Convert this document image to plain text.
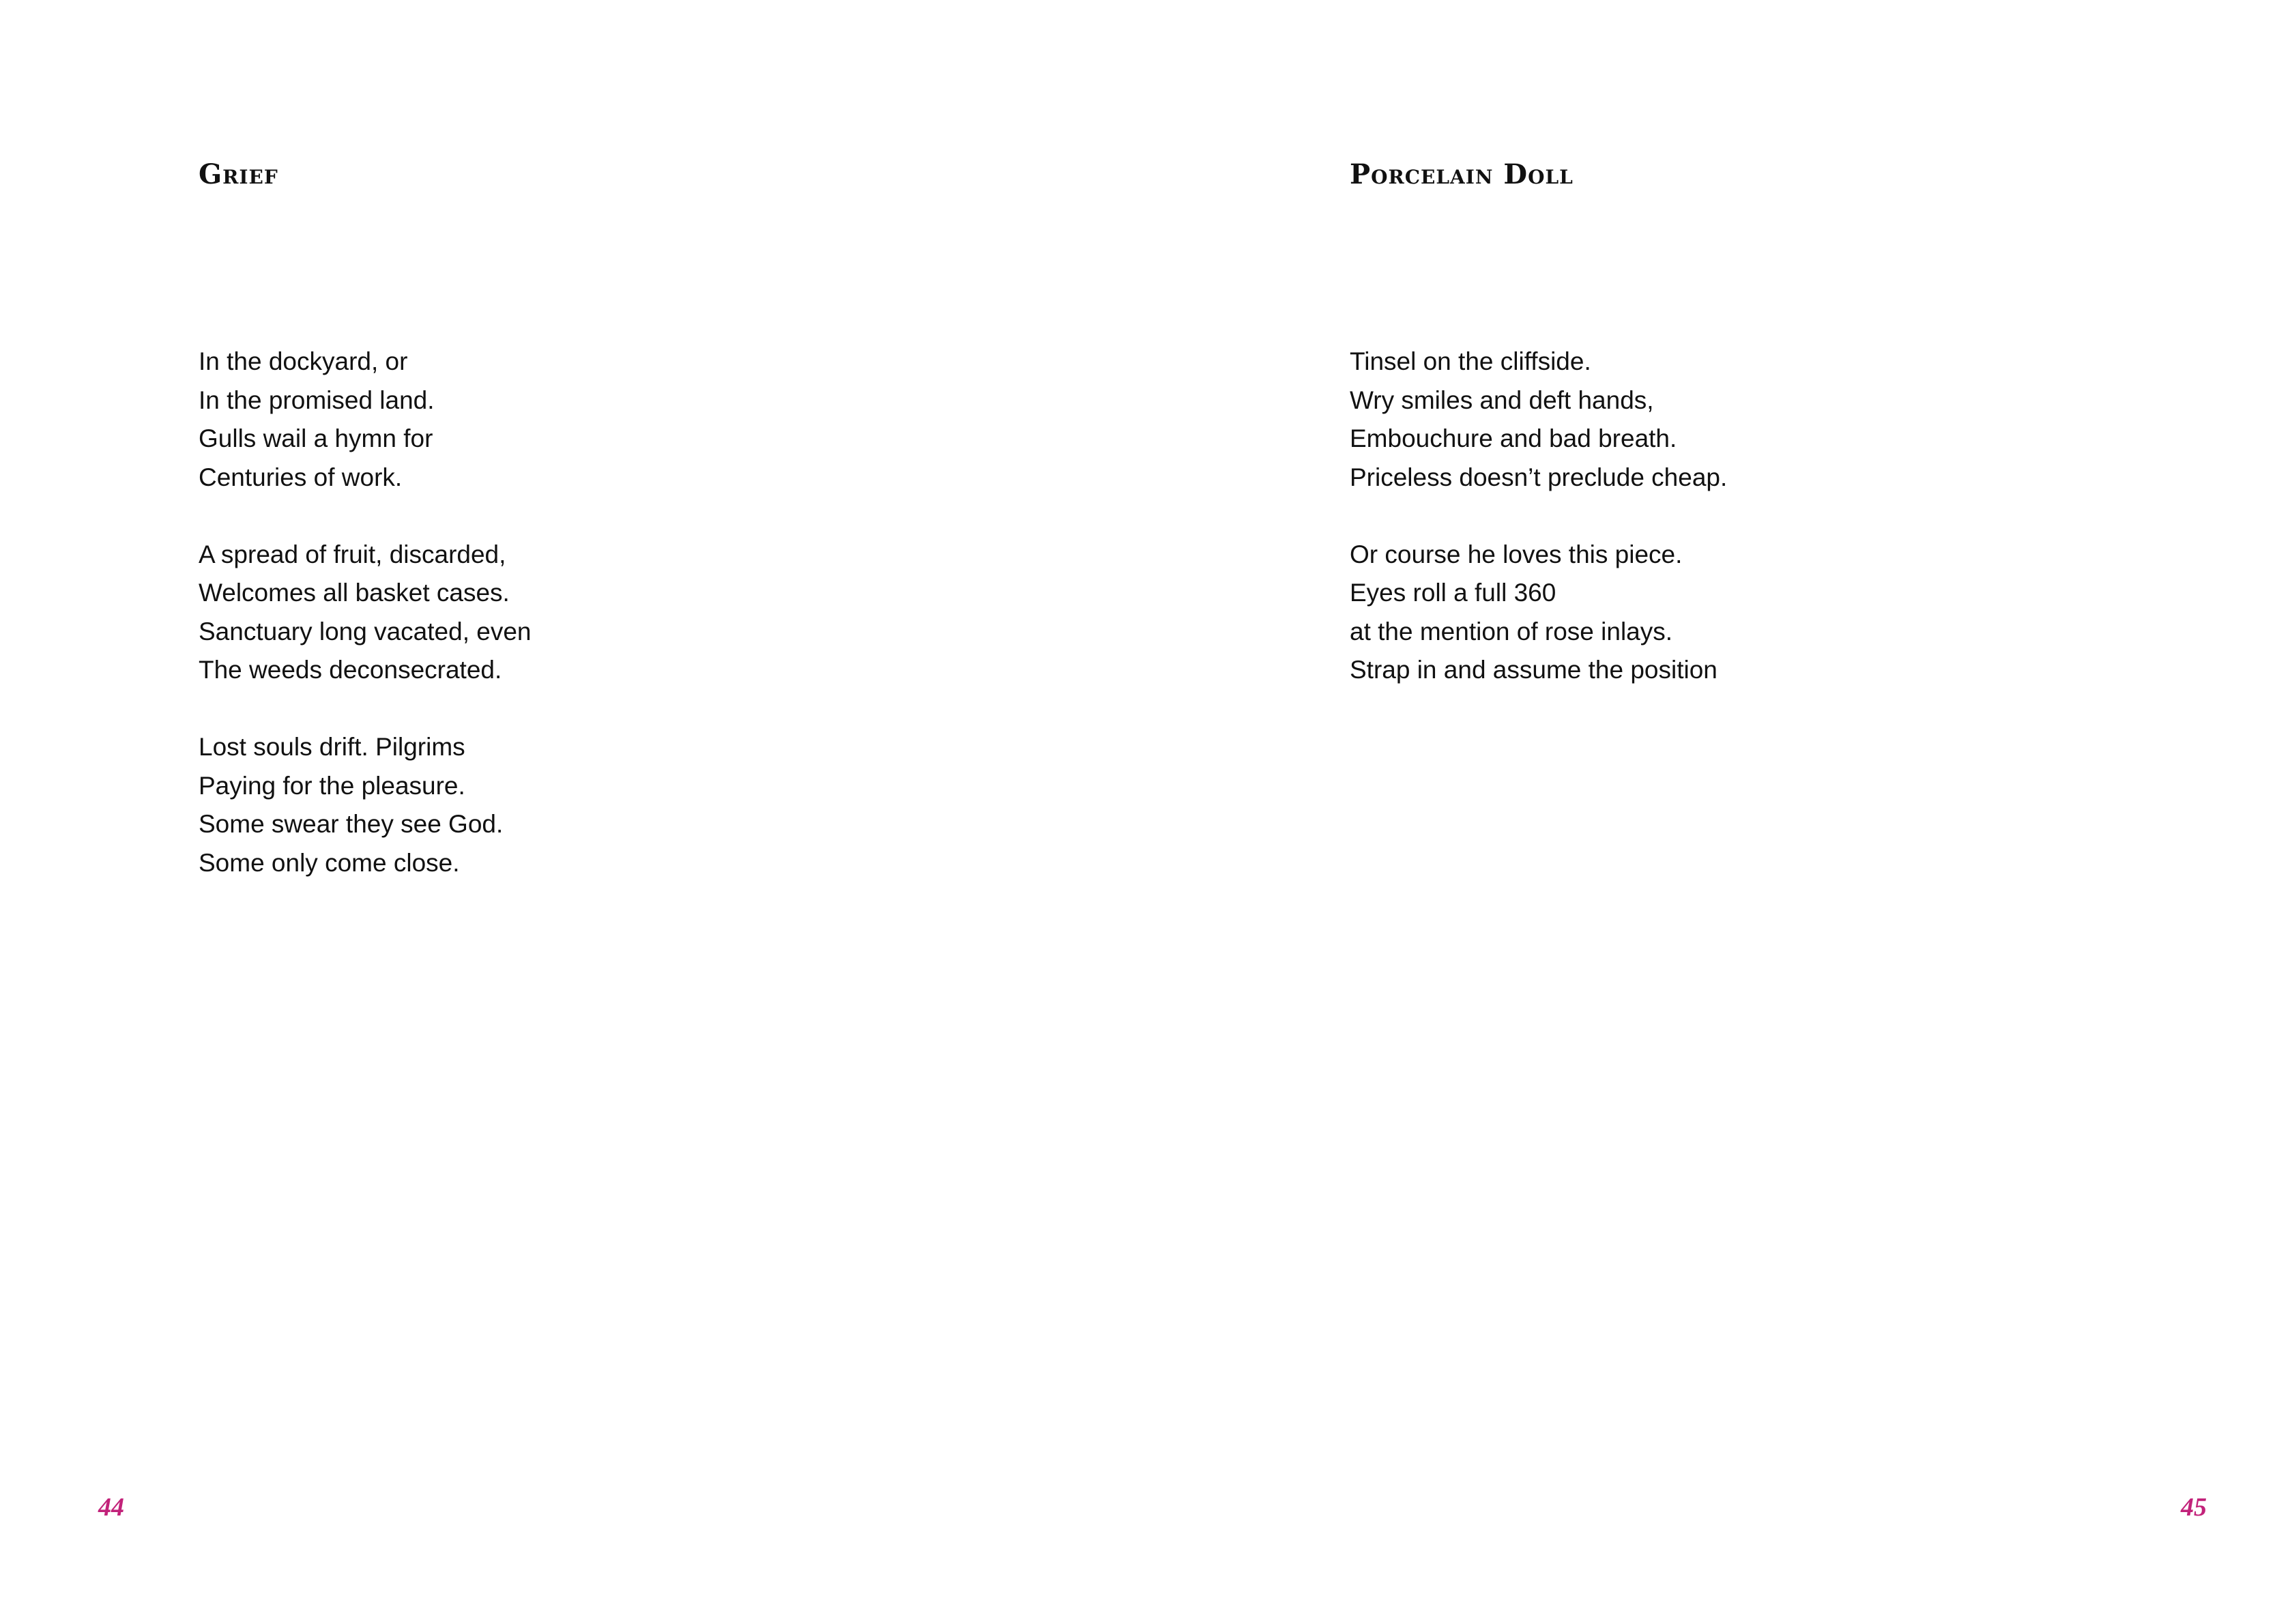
Grief

In the dockyard, or
In the promised land.
Gulls wail a hymn for
Centuries of work.

A spread of fruit, discarded,
Welcomes all basket cases.
Sanctuary long vacated, even
The weeds deconsecrated.

Lost souls drift. Pilgrims
Paying for the pleasure.
Some swear they see God.
Some only come close.

44

Porcelain Doll

Tinsel on the cliffside.
Wry smiles and deft hands,
Embouchure and bad breath.
Priceless doesn’t preclude cheap.

Or course he loves this piece.
Eyes roll a full 360
at the mention of rose inlays.
Strap in and assume the position

45
